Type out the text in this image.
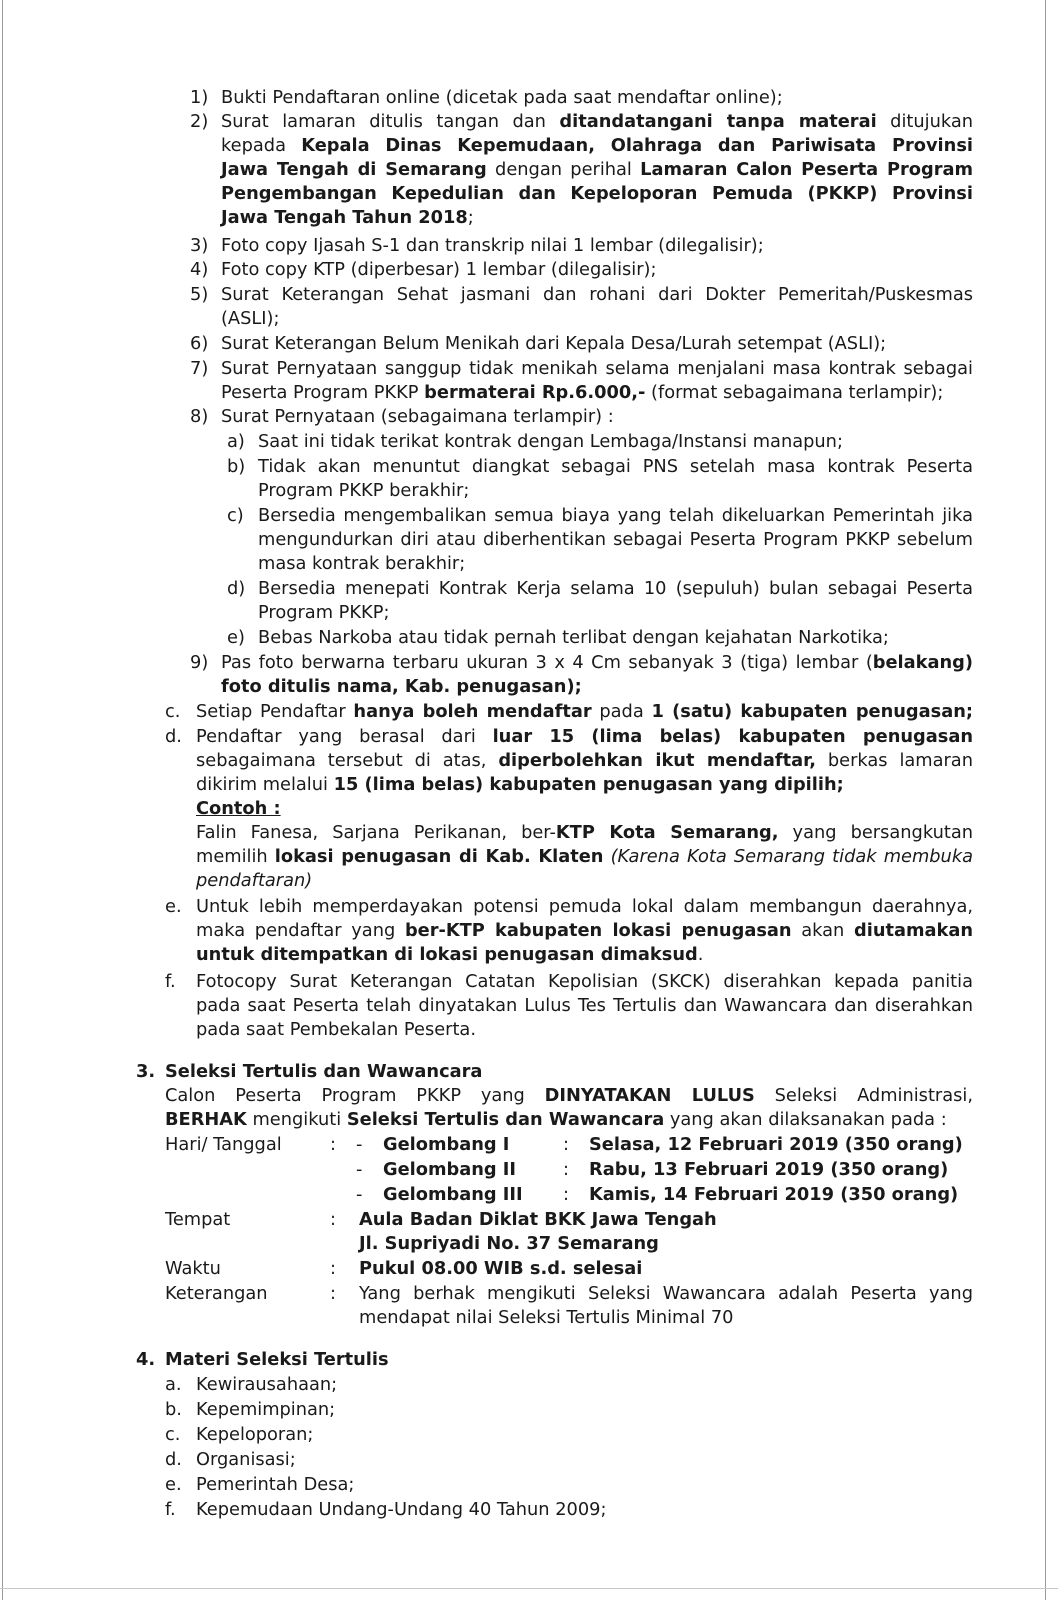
1) Bukti Pendaftaran online (dicetak pada saat mendaftar online);
2) Surat lamaran ditulis tangan dan ditandatangani tanpa materai ditujukan
kepada Kepala Dinas Kepemudaan, Olahraga dan Pariwisata Provinsi
Jawa Tengah di Semarang dengan perihal Lamaran Calon Peserta Program
Pengembangan Kepedulian dan Kepeloporan Pemuda (PKKP) Provinsi
Jawa Tengah Tahun 2018;
3) Foto copy Ijasah S-1 dan transkrip nilai 1 lembar (dilegalisir);
4) Foto copy KTP (diperbesar) 1 lembar (dilegalisir);
5) Surat Keterangan Sehat jasmani dan rohani dari Dokter Pemeritah/Puskesmas
(ASLI);
6) Surat Keterangan Belum Menikah dari Kepala Desa/Lurah setempat (ASLI);
7) Surat Pernyataan sanggup tidak menikah selama menjalani masa kontrak sebagai
Peserta Program PKKP bermaterai Rp.6.000,- (format sebagaimana terlampir);
8) Surat Pernyataan (sebagaimana terlampir) :
a) Saat ini tidak terikat kontrak dengan Lembaga/Instansi manapun;
b) Tidak akan menuntut diangkat sebagai PNS setelah masa kontrak Peserta
Program PKKP berakhir;
c) Bersedia mengembalikan semua biaya yang telah dikeluarkan Pemerintah jika
mengundurkan diri atau diberhentikan sebagai Peserta Program PKKP sebelum
masa kontrak berakhir;
d) Bersedia menepati Kontrak Kerja selama 10 (sepuluh) bulan sebagai Peserta
Program PKKP;
e) Bebas Narkoba atau tidak pernah terlibat dengan kejahatan Narkotika;
9) Pas foto berwarna terbaru ukuran 3 x 4 Cm sebanyak 3 (tiga) lembar (belakang)
foto ditulis nama, Kab. penugasan);
c. Setiap Pendaftar hanya boleh mendaftar pada 1 (satu) kabupaten penugasan;
d. Pendaftar yang berasal dari luar 15 (lima belas) kabupaten penugasan
sebagaimana tersebut di atas, diperbolehkan ikut mendaftar, berkas lamaran
dikirim melalui 15 (lima belas) kabupaten penugasan yang dipilih;
Contoh :
Falin Fanesa, Sarjana Perikanan, ber-KTP Kota Semarang, yang bersangkutan
memilih lokasi penugasan di Kab. Klaten (Karena Kota Semarang tidak membuka
pendaftaran)
e. Untuk lebih memperdayakan potensi pemuda lokal dalam membangun daerahnya,
maka pendaftar yang ber-KTP kabupaten lokasi penugasan akan diutamakan
untuk ditempatkan di lokasi penugasan dimaksud.
f. Fotocopy Surat Keterangan Catatan Kepolisian (SKCK) diserahkan kepada panitia
pada saat Peserta telah dinyatakan Lulus Tes Tertulis dan Wawancara dan diserahkan
pada saat Pembekalan Peserta.
3. Seleksi Tertulis dan Wawancara
Calon Peserta Program PKKP yang DINYATAKAN LULUS Seleksi Administrasi,
BERHAK mengikuti Seleksi Tertulis dan Wawancara yang akan dilaksanakan pada :
Hari/ Tanggal	: - Gelombang I	: Selasa, 12 Februari 2019 (350 orang)
- Gelombang II	: Rabu, 13 Februari 2019 (350 orang)
- Gelombang III : Kamis, 14 Februari 2019 (350 orang)
Tempat	: Aula Badan Diklat BKK Jawa Tengah
Jl. Supriyadi No. 37 Semarang
Waktu	: Pukul 08.00 WIB s.d. selesai
Keterangan	: Yang berhak mengikuti Seleksi Wawancara adalah Peserta yang
mendapat nilai Seleksi Tertulis Minimal 70
4. Materi Seleksi Tertulis
a. Kewirausahaan;
b. Kepemimpinan;
c. Kepeloporan;
d. Organisasi;
e. Pemerintah Desa;
f. Kepemudaan Undang-Undang 40 Tahun 2009;
